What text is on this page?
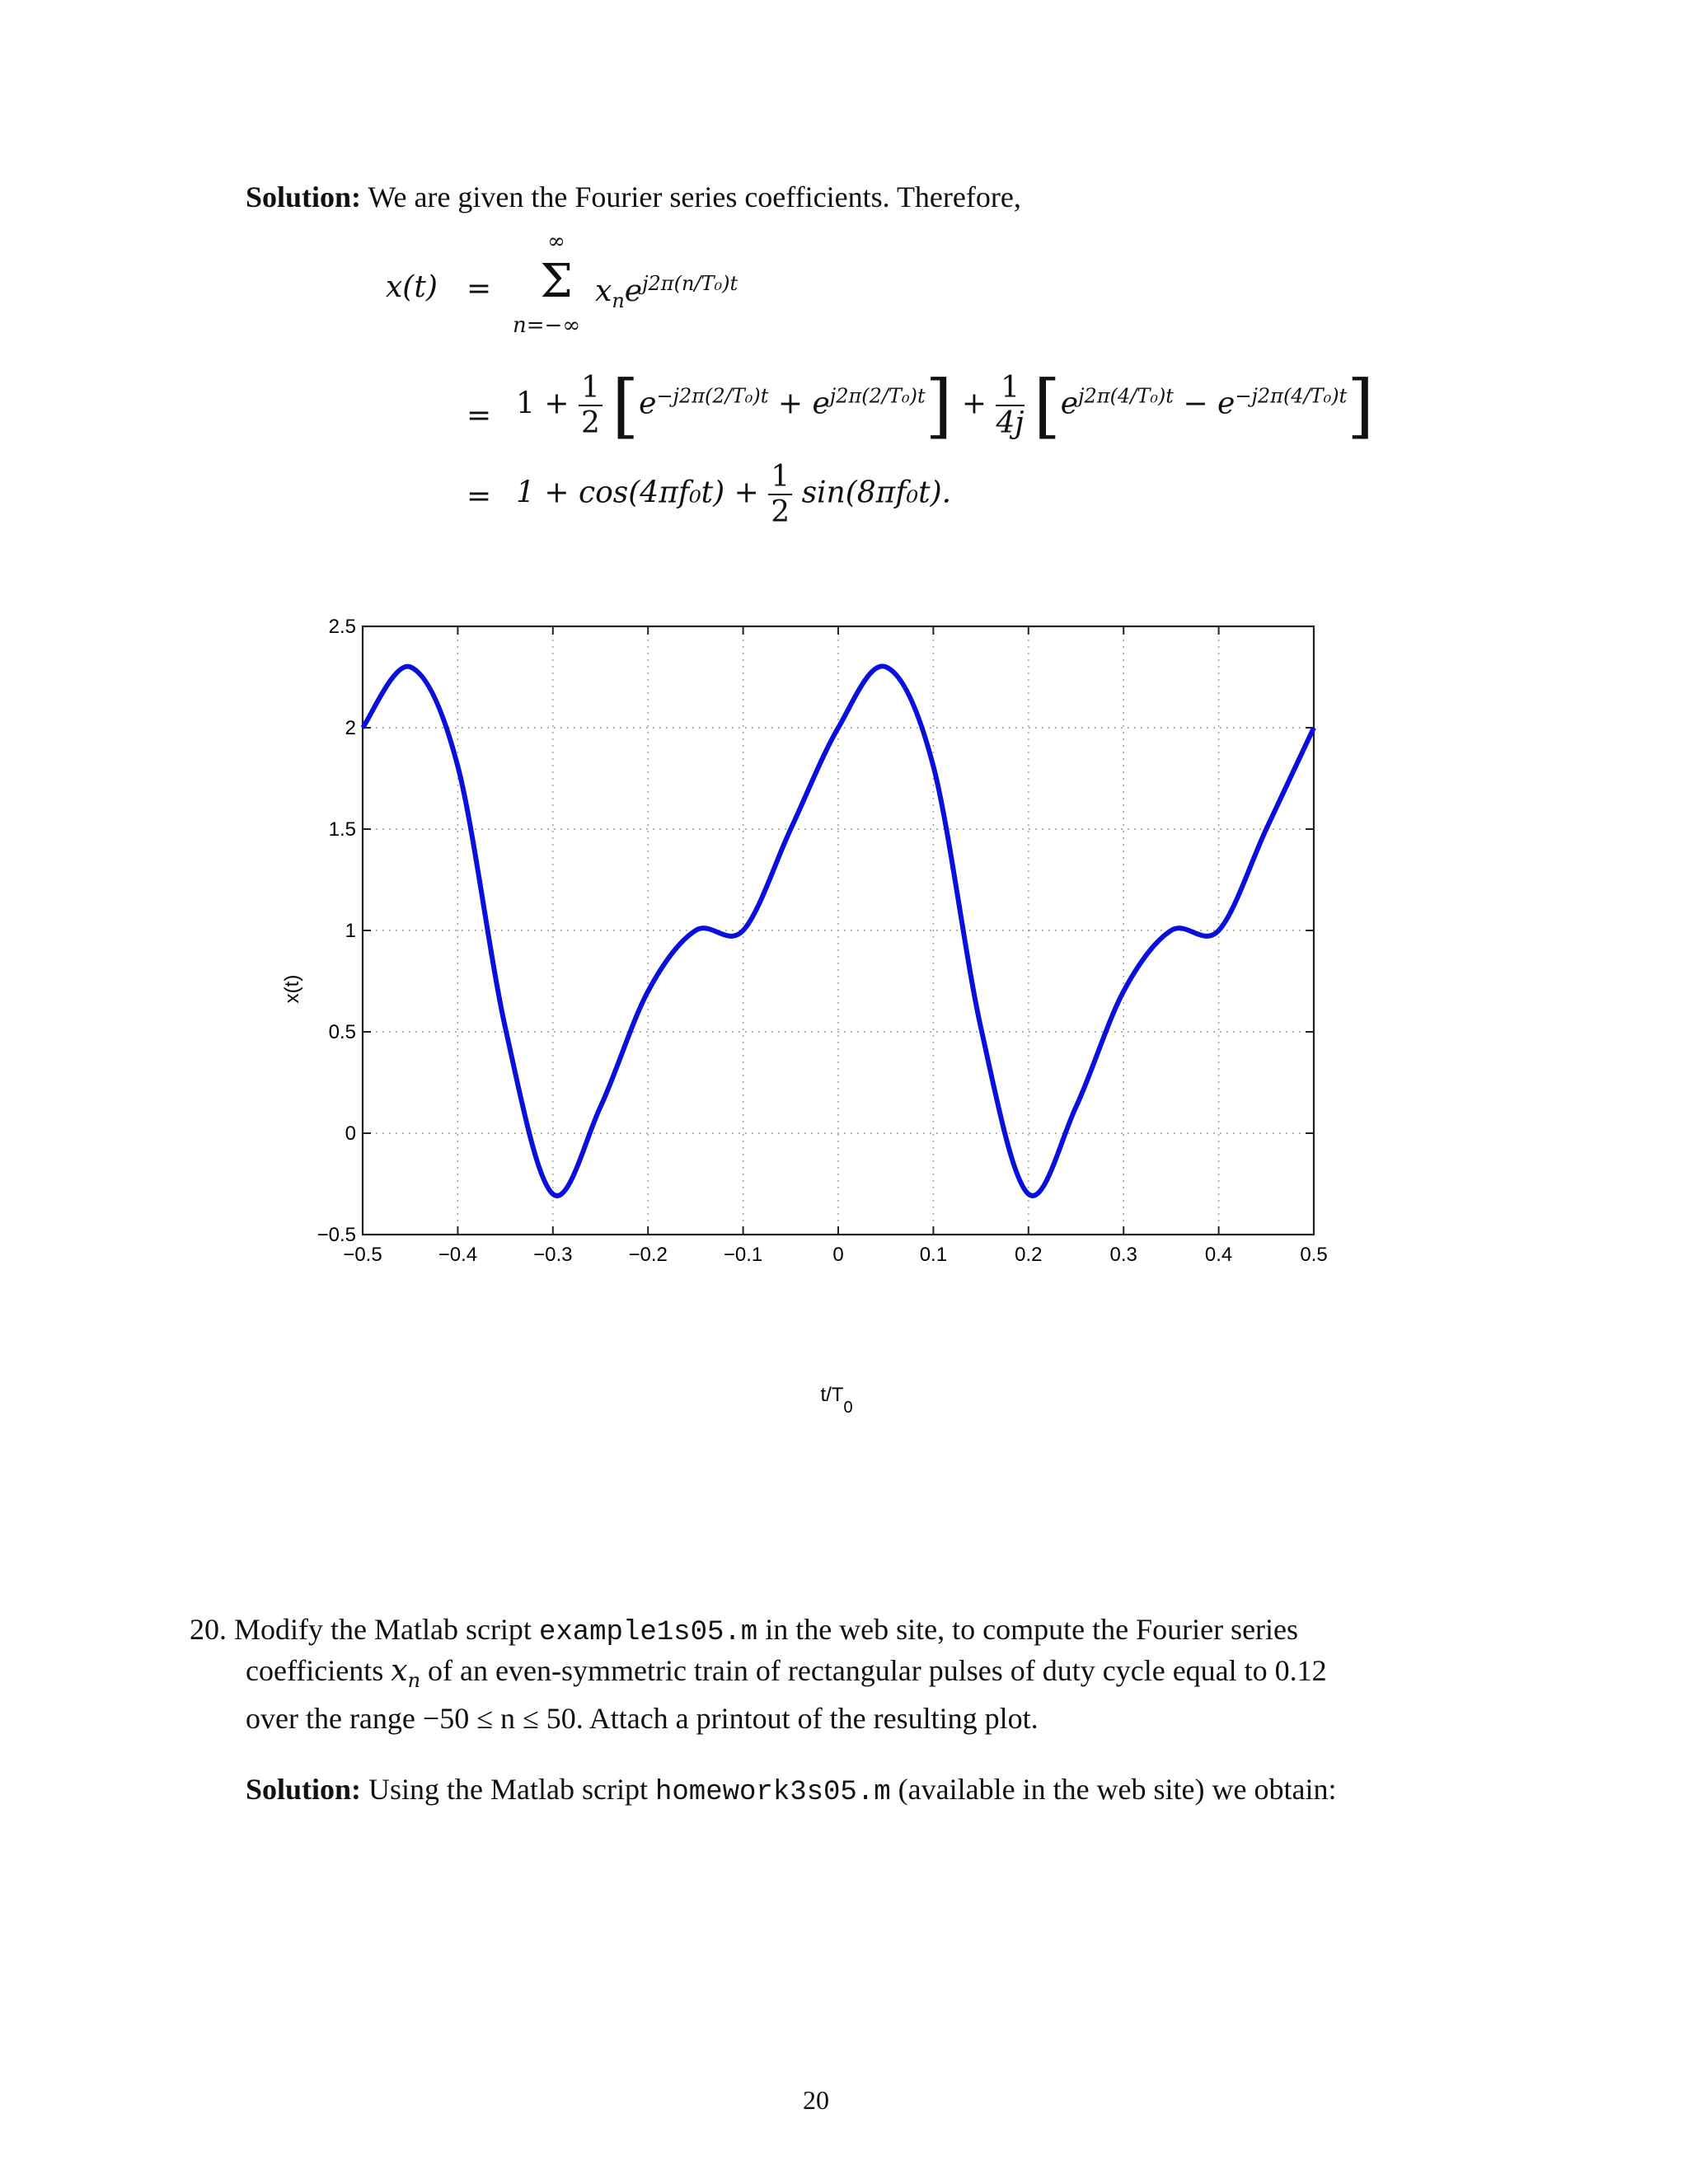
Solution: We are given the Fourier series coefficients. Therefore,
x(t) =
∞
Σ
n=−∞
$x_ne^{j2\pi(n/T_0)t}$
= $1 + \frac{1}{2} [e^{-j2\pi(2/T_0)t} + e^{j2\pi(2/T_0)t}] + \frac{1}{4j} [e^{j2\pi(4/T_0)t} - e^{-j2\pi(4/T_0)t}]$
= $1 + \cos(4\pi f_0t) + \frac{1}{2} \sin(8\pi f_0t)$.
−0.5	−0.4	−0.3	−0.2	−0.1	0	0.1	0.2	0.3	0.4	0.5
−0.5
0
0.5
1
1.5
2
2.5
$t/T_0$
x(t)
20. Modify the Matlab script example1s05.m in the web site, to compute the Fourier series
coefficients $x_n$ of an even-symmetric train of rectangular pulses of duty cycle equal to 0.12
over the range −50 ≤ n ≤ 50. Attach a printout of the resulting plot.
Solution: Using the Matlab script homework3s05.m (available in the web site) we obtain:
20
